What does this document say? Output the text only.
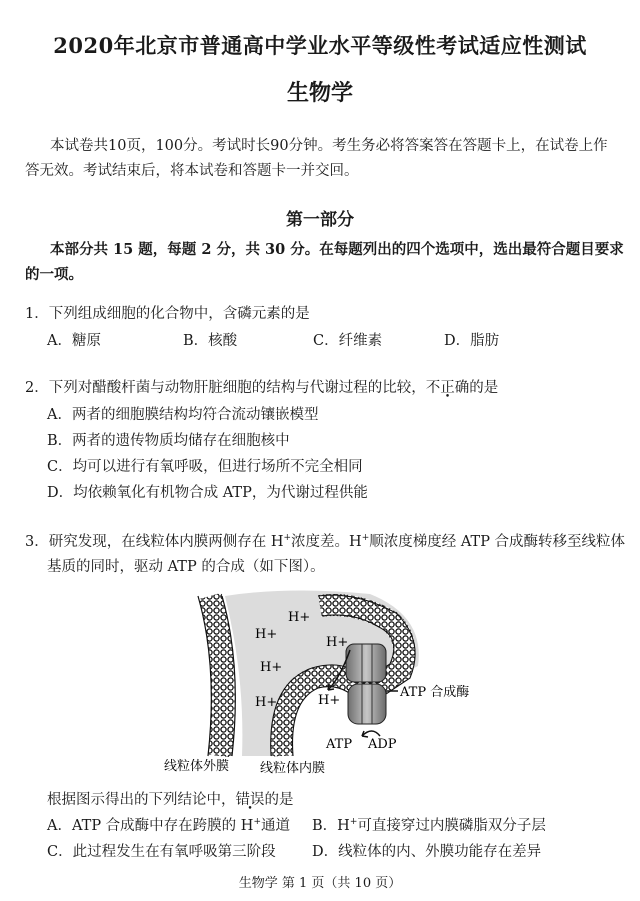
2020年北京市普通高中学业水平等级性考试适应性测试
生物学
本试卷共10页，100分。考试时长90分钟。考生务必将答案答在答题卡上，在试卷上作
答无效。考试结束后，将本试卷和答题卡一并交回。
第一部分
本部分共 15 题，每题 2 分，共 30 分。在每题列出的四个选项中，选出最符合题目要求
的一项。
1．下列组成细胞的化合物中，含磷元素的是
A．糖原	B．核酸	C．纤维素	D．脂肪
2．下列对醋酸杆菌与动物肝脏细胞的结构与代谢过程的比较，不正确的是
A．两者的细胞膜结构均符合流动镶嵌模型
B．两者的遗传物质均储存在细胞核中
C．均可以进行有氧呼吸，但进行场所不完全相同
D．均依赖氧化有机物合成 ATP，为代谢过程供能
3．研究发现，在线粒体内膜两侧存在 H+浓度差。H+顺浓度梯度经 ATP 合成酶转移至线粒体
基质的同时，驱动 ATP 的合成（如下图）。
H+
H+
H+
H+
H+
H+
ATP 合成酶
ATP ADP
线粒体外膜 线粒体内膜
根据图示得出的下列结论中，错误的是
A．ATP 合成酶中存在跨膜的 H+通道 B．H+可直接穿过内膜磷脂双分子层
C．此过程发生在有氧呼吸第三阶段	D．线粒体的内、外膜功能存在差异
生物学 第 1 页（共 10 页）
